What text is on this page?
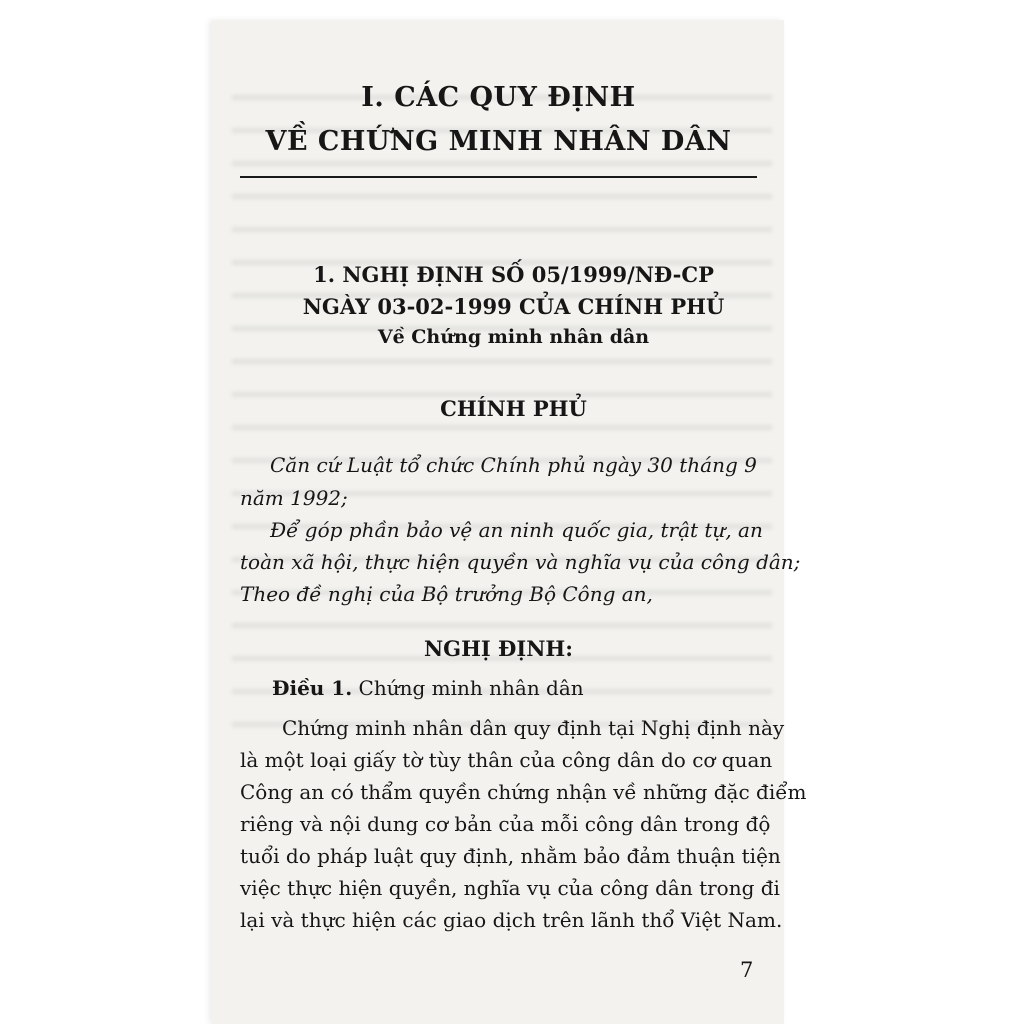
I. CÁC QUY ĐỊNH

VỀ CHỨNG MINH NHÂN DÂN

1. NGHỊ ĐỊNH SỐ 05/1999/NĐ-CP

NGÀY 03-02-1999 CỦA CHÍNH PHỦ

Về Chứng minh nhân dân

CHÍNH PHỦ

Căn cứ Luật tổ chức Chính phủ ngày 30 tháng 9

năm 1992;

Để góp phần bảo vệ an ninh quốc gia, trật tự, an

toàn xã hội, thực hiện quyền và nghĩa vụ của công dân;

Theo đề nghị của Bộ trưởng Bộ Công an,

NGHỊ ĐỊNH:

Điều 1. Chứng minh nhân dân

Chứng minh nhân dân quy định tại Nghị định này

là một loại giấy tờ tùy thân của công dân do cơ quan

Công an có thẩm quyền chứng nhận về những đặc điểm

riêng và nội dung cơ bản của mỗi công dân trong độ

tuổi do pháp luật quy định, nhằm bảo đảm thuận tiện

việc thực hiện quyền, nghĩa vụ của công dân trong đi

lại và thực hiện các giao dịch trên lãnh thổ Việt Nam.

7
